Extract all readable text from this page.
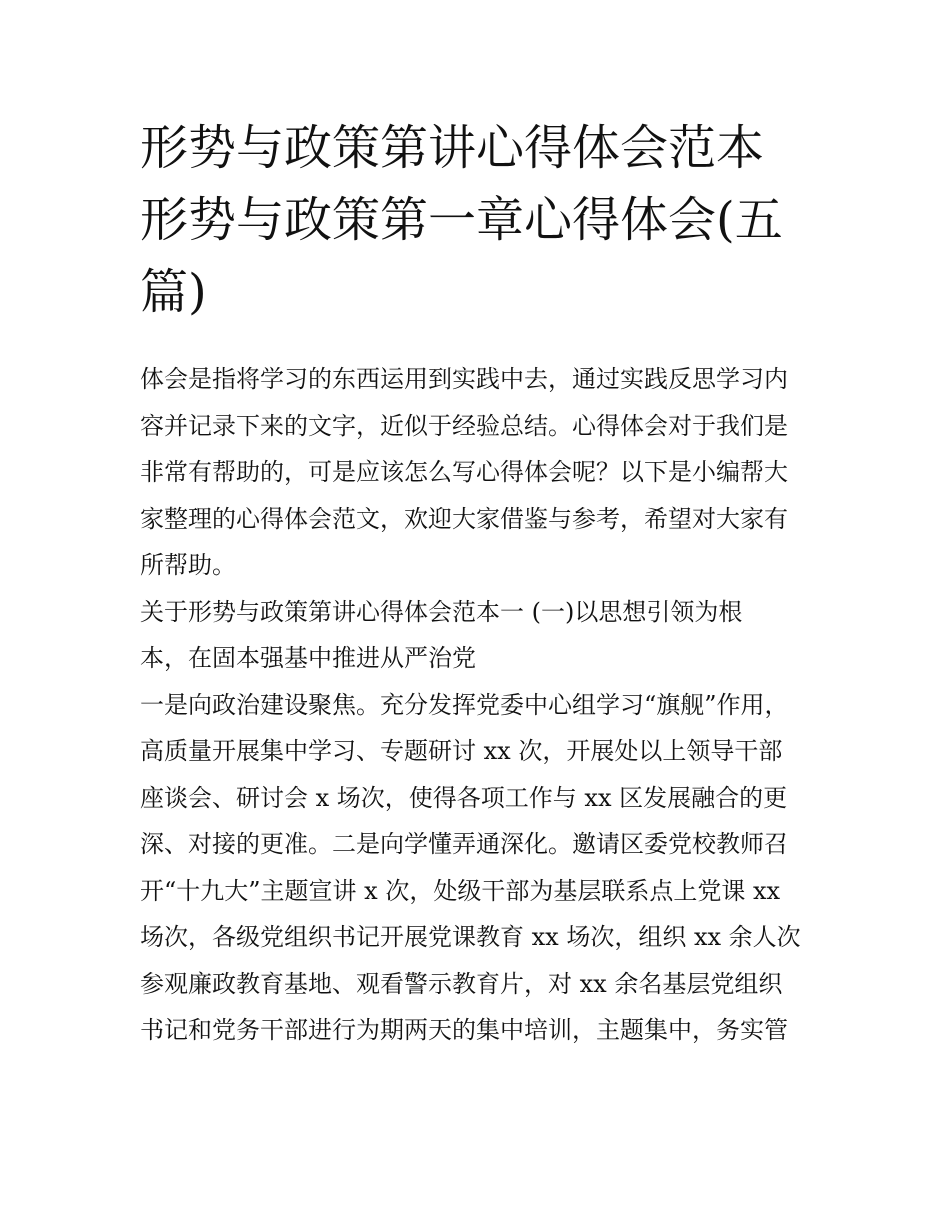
形势与政策第讲心得体会范本
形势与政策第一章心得体会(五
篇)

体会是指将学习的东西运用到实践中去，通过实践反思学习内

容并记录下来的文字，近似于经验总结。心得体会对于我们是

非常有帮助的，可是应该怎么写心得体会呢？以下是小编帮大

家整理的心得体会范文，欢迎大家借鉴与参考，希望对大家有

所帮助。

关于形势与政策第讲心得体会范本一 (一)以思想引领为根

本，在固本强基中推进从严治党

一是向政治建设聚焦。充分发挥党委中心组学习“旗舰”作用，

高质量开展集中学习、专题研讨 xx 次，开展处以上领导干部

座谈会、研讨会 x 场次，使得各项工作与 xx 区发展融合的更

深、对接的更准。二是向学懂弄通深化。邀请区委党校教师召

开“十九大”主题宣讲 x 次，处级干部为基层联系点上党课 xx

场次，各级党组织书记开展党课教育 xx 场次，组织 xx 余人次

参观廉政教育基地、观看警示教育片，对 xx 余名基层党组织

书记和党务干部进行为期两天的集中培训，主题集中，务实管
